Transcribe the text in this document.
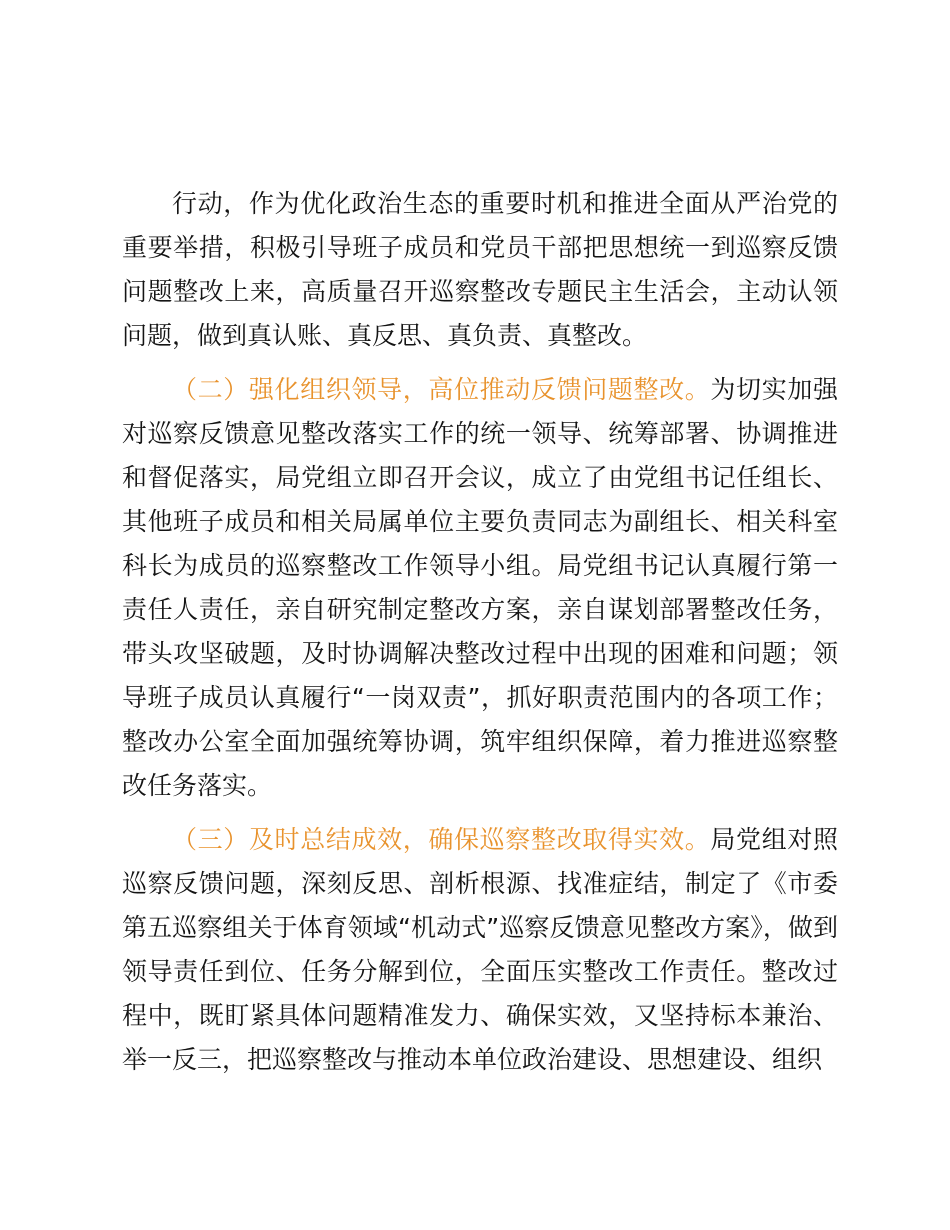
行动，作为优化政治生态的重要时机和推进全面从严治党的重要举措，积极引导班子成员和党员干部把思想统一到巡察反馈问题整改上来，高质量召开巡察整改专题民主生活会，主动认领问题，做到真认账、真反思、真负责、真整改。

（二）强化组织领导，高位推动反馈问题整改。为切实加强对巡察反馈意见整改落实工作的统一领导、统筹部署、协调推进和督促落实，局党组立即召开会议，成立了由党组书记任组长、其他班子成员和相关局属单位主要负责同志为副组长、相关科室科长为成员的巡察整改工作领导小组。局党组书记认真履行第一责任人责任，亲自研究制定整改方案，亲自谋划部署整改任务，带头攻坚破题，及时协调解决整改过程中出现的困难和问题；领导班子成员认真履行“一岗双责”，抓好职责范围内的各项工作；整改办公室全面加强统筹协调，筑牢组织保障，着力推进巡察整改任务落实。

（三）及时总结成效，确保巡察整改取得实效。局党组对照巡察反馈问题，深刻反思、剖析根源、找准症结，制定了《市委第五巡察组关于体育领域“机动式”巡察反馈意见整改方案》，做到领导责任到位、任务分解到位，全面压实整改工作责任。整改过程中，既盯紧具体问题精准发力、确保实效，又坚持标本兼治、举一反三，把巡察整改与推动本单位政治建设、思想建设、组织
